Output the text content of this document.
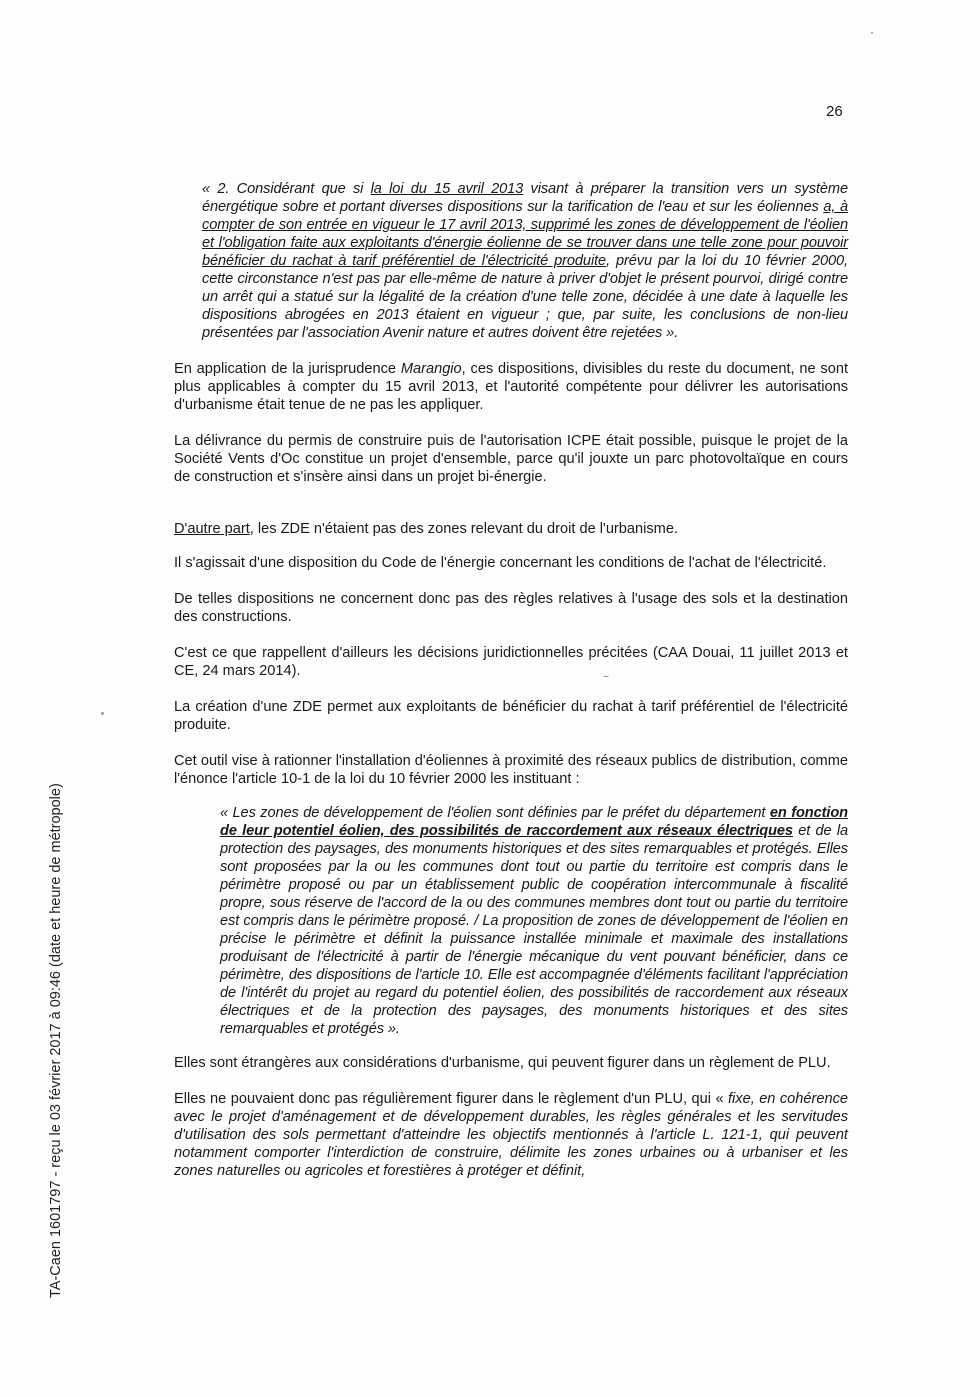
26
TA-Caen 1601797 - reçu le 03 février 2017 à 09:46 (date et heure de métropole)

« 2. Considérant que si la loi du 15 avril 2013 visant à préparer la transition vers un système énergétique sobre et portant diverses dispositions sur la tarification de l'eau et sur les éoliennes a, à compter de son entrée en vigueur le 17 avril 2013, supprimé les zones de développement de l'éolien et l'obligation faite aux exploitants d'énergie éolienne de se trouver dans une telle zone pour pouvoir bénéficier du rachat à tarif préférentiel de l'électricité produite, prévu par la loi du 10 février 2000, cette circonstance n'est pas par elle-même de nature à priver d'objet le présent pourvoi, dirigé contre un arrêt qui a statué sur la légalité de la création d'une telle zone, décidée à une date à laquelle les dispositions abrogées en 2013 étaient en vigueur ; que, par suite, les conclusions de non-lieu présentées par l'association Avenir nature et autres doivent être rejetées ».

En application de la jurisprudence Marangio, ces dispositions, divisibles du reste du document, ne sont plus applicables à compter du 15 avril 2013, et l'autorité compétente pour délivrer les autorisations d'urbanisme était tenue de ne pas les appliquer.

La délivrance du permis de construire puis de l'autorisation ICPE était possible, puisque le projet de la Société Vents d'Oc constitue un projet d'ensemble, parce qu'il jouxte un parc photovoltaïque en cours de construction et s'insère ainsi dans un projet bi-énergie.

D'autre part, les ZDE n'étaient pas des zones relevant du droit de l'urbanisme.

Il s'agissait d'une disposition du Code de l'énergie concernant les conditions de l'achat de l'électricité.

De telles dispositions ne concernent donc pas des règles relatives à l'usage des sols et la destination des constructions.

C'est ce que rappellent d'ailleurs les décisions juridictionnelles précitées (CAA Douai, 11 juillet 2013 et CE, 24 mars 2014).

La création d'une ZDE permet aux exploitants de bénéficier du rachat à tarif préférentiel de l'électricité produite.

Cet outil vise à rationner l'installation d'éoliennes à proximité des réseaux publics de distribution, comme l'énonce l'article 10-1 de la loi du 10 février 2000 les instituant :

« Les zones de développement de l'éolien sont définies par le préfet du département en fonction de leur potentiel éolien, des possibilités de raccordement aux réseaux électriques et de la protection des paysages, des monuments historiques et des sites remarquables et protégés. Elles sont proposées par la ou les communes dont tout ou partie du territoire est compris dans le périmètre proposé ou par un établissement public de coopération intercommunale à fiscalité propre, sous réserve de l'accord de la ou des communes membres dont tout ou partie du territoire est compris dans le périmètre proposé. / La proposition de zones de développement de l'éolien en précise le périmètre et définit la puissance installée minimale et maximale des installations produisant de l'électricité à partir de l'énergie mécanique du vent pouvant bénéficier, dans ce périmètre, des dispositions de l'article 10. Elle est accompagnée d'éléments facilitant l'appréciation de l'intérêt du projet au regard du potentiel éolien, des possibilités de raccordement aux réseaux électriques et de la protection des paysages, des monuments historiques et des sites remarquables et protégés ».

Elles sont étrangères aux considérations d'urbanisme, qui peuvent figurer dans un règlement de PLU.

Elles ne pouvaient donc pas régulièrement figurer dans le règlement d'un PLU, qui « fixe, en cohérence avec le projet d'aménagement et de développement durables, les règles générales et les servitudes d'utilisation des sols permettant d'atteindre les objectifs mentionnés à l'article L. 121-1, qui peuvent notamment comporter l'interdiction de construire, délimite les zones urbaines ou à urbaniser et les zones naturelles ou agricoles et forestières à protéger et définit,
